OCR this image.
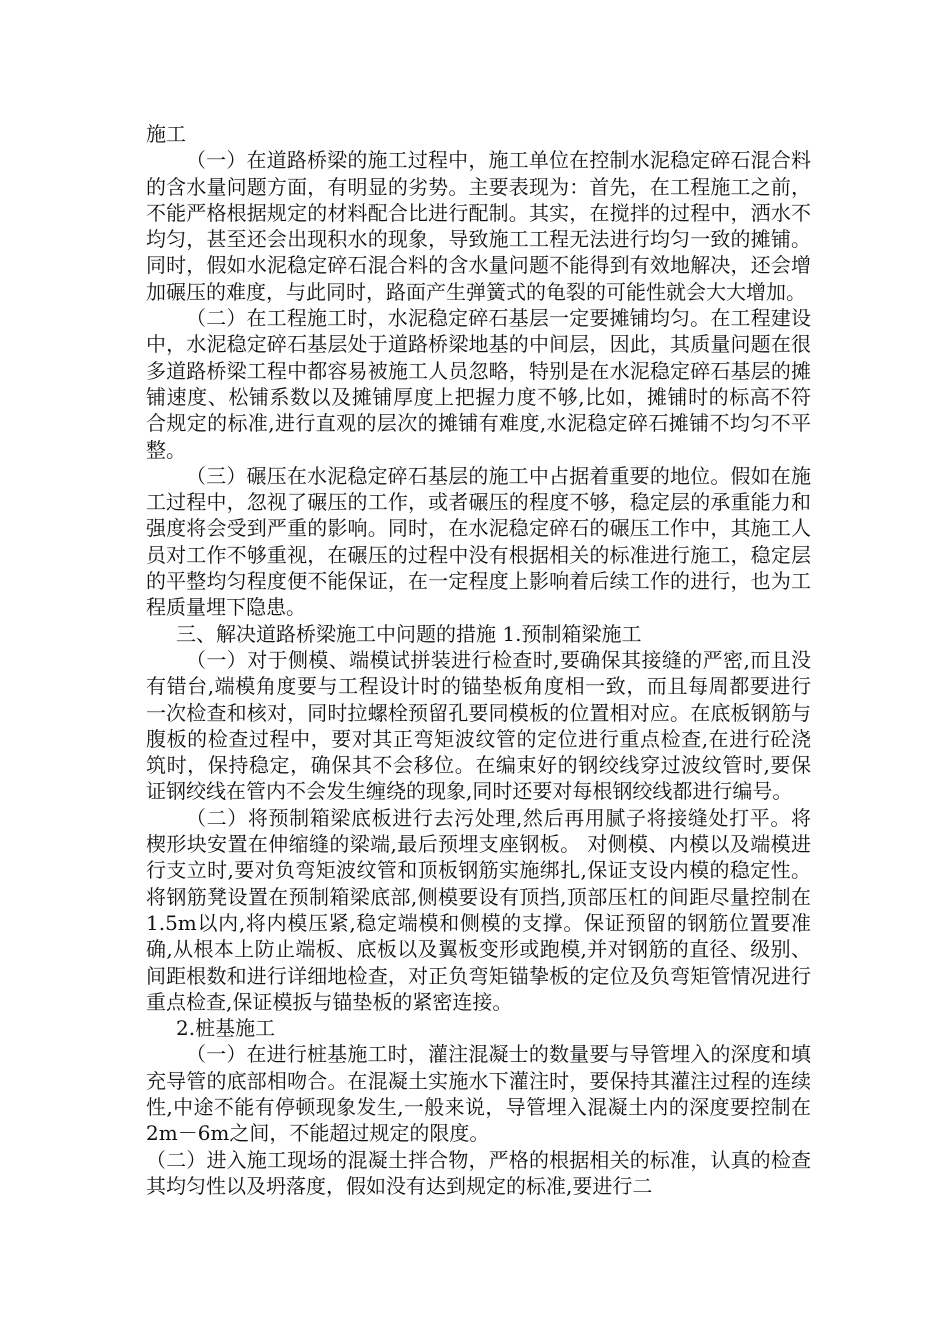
施工

（一）在道路桥梁的施工过程中，施工单位在控制水泥稳定碎石混合料的含水量问题方面，有明显的劣势。主要表现为：首先，在工程施工之前，不能严格根据规定的材料配合比进行配制。其实，在搅拌的过程中，洒水不均匀，甚至还会出现积水的现象，导致施工工程无法进行均匀一致的摊铺。同时，假如水泥稳定碎石混合料的含水量问题不能得到有效地解决，还会增加碾压的难度，与此同时，路面产生弹簧式的龟裂的可能性就会大大增加。

（二）在工程施工时，水泥稳定碎石基层一定要摊铺均匀。在工程建设中，水泥稳定碎石基层处于道路桥梁地基的中间层，因此，其质量问题在很多道路桥梁工程中都容易被施工人员忽略，特别是在水泥稳定碎石基层的摊铺速度、松铺系数以及摊铺厚度上把握力度不够,比如，摊铺时的标高不符合规定的标准,进行直观的层次的摊铺有难度,水泥稳定碎石摊铺不均匀不平整。

（三）碾压在水泥稳定碎石基层的施工中占据着重要的地位。假如在施工过程中，忽视了碾压的工作，或者碾压的程度不够，稳定层的承重能力和强度将会受到严重的影响。同时，在水泥稳定碎石的碾压工作中，其施工人员对工作不够重视，在碾压的过程中没有根据相关的标准进行施工，稳定层的平整均匀程度便不能保证，在一定程度上影响着后续工作的进行，也为工程质量埋下隐患。

三、解决道路桥梁施工中问题的措施 1.预制箱梁施工

（一）对于侧模、端模试拼装进行检查时,要确保其接缝的严密,而且没有错台,端模角度要与工程设计时的锚垫板角度相一致，而且每周都要进行一次检查和核对，同时拉螺栓预留孔要同模板的位置相对应。在底板钢筋与腹板的检查过程中，要对其正弯矩波纹管的定位进行重点检查,在进行砼浇筑时，保持稳定，确保其不会移位。在编束好的钢绞线穿过波纹管时,要保证钢绞线在管内不会发生缠绕的现象,同时还要对每根钢绞线都进行编号。

（二）将预制箱梁底板进行去污处理,然后再用腻子将接缝处打平。将楔形块安置在伸缩缝的梁端,最后预埋支座钢板。 对侧模、内模以及端模进行支立时,要对负弯矩波纹管和顶板钢筋实施绑扎,保证支设内模的稳定性。将钢筋凳设置在预制箱梁底部,侧模要设有顶挡,顶部压杠的间距尽量控制在1.5m以内,将内模压紧,稳定端模和侧模的支撑。保证预留的钢筋位置要准确,从根本上防止端板、底板以及翼板变形或跑模,并对钢筋的直径、级别、间距根数和进行详细地检查，对正负弯矩锚挚板的定位及负弯矩管情况进行重点检查,保证模扳与锚垫板的紧密连接。

2.桩基施工

（一）在进行桩基施工时，灌注混凝士的数量要与导管埋入的深度和填充导管的底部相吻合。在混凝土实施水下灌注时，要保持其灌注过程的连续性,中途不能有停顿现象发生,一般来说，导管埋入混凝土内的深度要控制在2m－6m之间，不能超过规定的限度。

（二）进入施工现场的混凝土拌合物，严格的根据相关的标准，认真的检查其均匀性以及坍落度，假如没有达到规定的标准,要进行二
